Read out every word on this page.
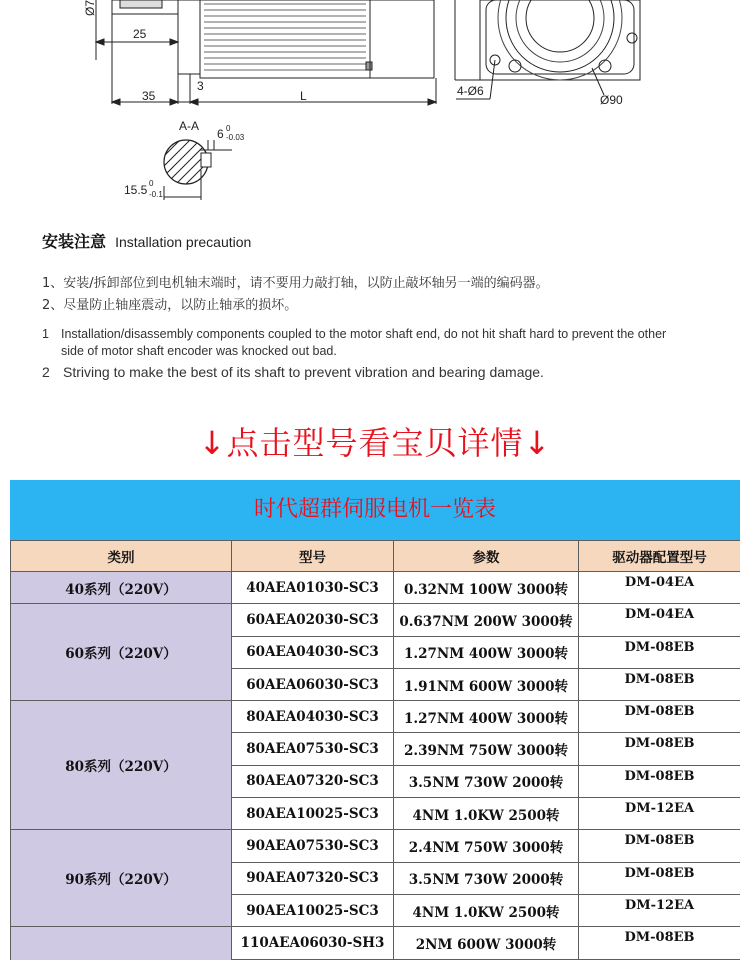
Ø7
25
3
35	L	4-Ø6
Ø90
A-A
6 0
-0.03
15.5 0
-0.1
安装注意 Installation precaution
1、安装/拆卸部位到电机轴末端时，请不要用力敲打轴，以防止敲坏轴另一端的编码器。
2、尽量防止轴座震动，以防止轴承的损坏。
1 Installation/disassembly components coupled to the motor shaft end, do not hit shaft hard to prevent the other
side of motor shaft encoder was knocked out bad.
2 Striving to make the best of its shaft to prevent vibration and bearing damage.
↓点击型号看宝贝详情↓
时代超群伺服电机一览表
类别	型号	参数	驱动器配置型号
40系列（220V）	40AEA01030-SC3	0.32NM 100W 3000转	DM-04EA
60系列（220V）	60AEA02030-SC3	0.637NM 200W 3000转	DM-04EA
	60AEA04030-SC3	1.27NM 400W 3000转	DM-08EB
	60AEA06030-SC3	1.91NM 600W 3000转	DM-08EB
80系列（220V）	80AEA04030-SC3	1.27NM 400W 3000转	DM-08EB
	80AEA07530-SC3	2.39NM 750W 3000转	DM-08EB
	80AEA07320-SC3	3.5NM 730W 2000转	DM-08EB
	80AEA10025-SC3	4NM 1.0KW 2500转	DM-12EA
90系列（220V）	90AEA07530-SC3	2.4NM 750W 3000转	DM-08EB
	90AEA07320-SC3	3.5NM 730W 2000转	DM-08EB
	90AEA10025-SC3	4NM 1.0KW 2500转	DM-12EA
	110AEA06030-SH3	2NM 600W 3000转	DM-08EB
